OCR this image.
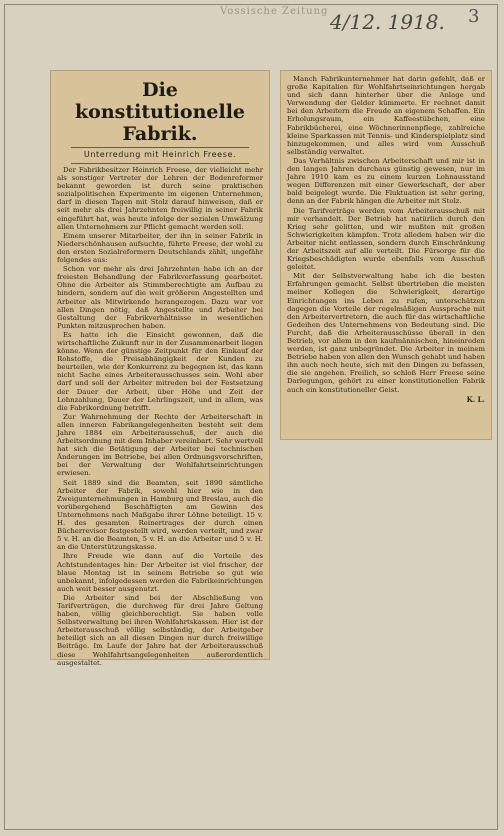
Vossische Zeitung 4/12. 1918. 3
Die konstitutionelle Fabrik.
Unterredung mit Heinrich Freese.

Der Fabrikbesitzer Heinrich Freese, der vielleicht mehr als sonstiger Vertreter der Lehren der Bodenreformer bekannt geworden ist durch seine praktischen sozialpolitischen Experimente im eigenen Unternehmen, darf in diesen Tagen mit Stolz darauf hinweisen, daß er seit mehr als drei Jahrzehnten freiwillig in seiner Fabrik eingeführt hat, was heute infolge der sozialen Umwälzung allen Unternehmern zur Pflicht gemacht werden soll.

Einem unserer Mitarbeiter, der ihn in seiner Fabrik in Niederschönhausen aufsuchte, führte Freese, der wohl zu den ersten Sozialreformern Deutschlands zählt, ungefähr folgendes aus:

Schon vor mehr als drei Jahrzehnten habe ich an der freiesten Behandlung der Fabrikverfassung gearbeitet. Ohne die Arbeiter als Stimmberechtigte am Aufbau zu hindern, sondern auf die weit größeren Angestellten und Arbeiter als Mitwirkende herangezogen. Dazu war vor allen Dingen nötig, daß Angestellte und Arbeiter bei Gestaltung der Fabrikverhältnisse in wesentlichen Punkten mitzusprechen haben.

Es hatte ich die Einsicht gewonnen, daß die wirtschaftliche Zukunft nur in der Zusammenarbeit liegen könne. Wenn der günstige Zeitpunkt für den Einkauf der Rohstoffe, die Preisabhängigkeit der Kunden zu beurteilen, wie der Konkurrenz zu begegnen ist, das kann nicht Sache eines Arbeiterausschusses sein. Wohl aber darf und soll der Arbeiter mitreden bei der Festsetzung der Dauer der Arbeit, über Höhe und Zeit der Lohnzahlung, Dauer der Lehrlingszeit, und in allem, was die Fabrikordnung betrifft.

Zur Wahrnehmung der Rechte der Arbeiterschaft in allen inneren Fabrikangelegenheiten besteht seit dem Jahre 1884 ein Arbeiterausschuß, der auch die Arbeitsordnung mit dem Inhaber vereinbart. Sehr wertvoll hat sich die Betätigung der Arbeiter bei technischen Änderungen im Betriebe, bei allen Ordnungsvorschriften, bei der Verwaltung der Wohlfahrtseinrichtungen erwiesen.

Seit 1889 sind die Beamten, seit 1890 sämtliche Arbeiter der Fabrik, sowohl hier wie in den Zweigunternehmungen in Hamburg und Breslau, auch die vorübergehend Beschäftigten am Gewinn des Unternehmens nach Maßgabe ihrer Löhne beteiligt. 15 v. H. des gesamten Reinertrages der durch einen Bücherrevisor festgestellt wird, werden verteilt, und zwar 5 v. H. an die Beamten, 5 v. H. an die Arbeiter und 5 v. H. an die Unterstützungskasse.

Ihre Freude wie dann auf die Vorteile des Achtstundentages hin: Der Arbeiter ist viel frischer, der blaue Montag ist in seinem Betriebe so gut wie unbekannt, infolgedessen werden die Fabrikeinrichtungen auch weit besser ausgenutzt.

Die Arbeiter sind bei der Abschließung von Tarifverträgen, die durchweg für drei Jahre Geltung haben, völlig gleichberechtigt. Sie haben volle Selbstverwaltung bei ihren Wohlfahrtskassen. Hier ist der Arbeiterausschuß völlig selbständig, der Arbeitgeber beteiligt sich an all diesen Dingen nur durch freiwillige Beiträge. Im Laufe der Jahre hat der Arbeiterausschuß diese Wohlfahrtsangelegenheiten außerordentlich ausgestaltet.

Manch Fabrikunternehmer hat darin gefehlt, daß er große Kapitalien für Wohlfahrtseinrichtungen hergab und sich dann hinterher über die Anlage und Verwendung der Gelder kümmerte. Er rechnet damit bei den Arbeitern die Freude an eigenem Schaffen. Ein Erholungsraum, ein Kaffeestübchen, eine Fabrikbücherei, eine Wöchnerinnenpflege, zahlreiche kleine Sparkassen mit Tennis- und Kinderspielplatz sind hinzugekommen, und alles wird vom Ausschuß selbständig verwaltet.

Das Verhältnis zwischen Arbeiterschaft und mir ist in den langen Jahren durchaus günstig gewesen, nur im Jahre 1910 kam es zu einem kurzen Lohnausstand wegen Differenzen mit einer Gewerkschaft, der aber bald beigelegt wurde. Die Fluktuation ist sehr gering, denn an der Fabrik hängen die Arbeiter mit Stolz.

Die Tarifverträge werden vom Arbeiterausschuß mit mir verhandelt. Der Betrieb hat natürlich durch den Krieg sehr gelitten, und wir mußten mit großen Schwierigkeiten kämpfen. Trotz alledem haben wir die Arbeiter nicht entlassen, sondern durch Einschränkung der Arbeitszeit auf alle verteilt. Die Fürsorge für die Kriegsbeschädigten wurde ebenfalls vom Ausschuß geleitet.

Mit der Selbstverwaltung habe ich die besten Erfahrungen gemacht. Selbst übertrieben die meisten meiner Kollegen die Schwierigkeit, derartige Einrichtungen ins Leben zu rufen, unterschätzen dagegen die Vorteile der regelmäßigen Aussprache mit den Arbeitervertretern, die auch für das wirtschaftliche Gedeihen des Unternehmens von Bedeutung sind. Die Furcht, daß die Arbeiterausschüsse überall in den Betrieb, vor allem in den kaufmännischen, hineinreden werden, ist ganz unbegründet. Die Arbeiter in meinem Betriebe haben von allen den Wunsch gehabt und haben ihn auch noch heute, sich mit den Dingen zu befassen, die sie angehen. Freilich, so schloß Herr Freese seine Darlegungen, gehört zu einer konstitutionellen Fabrik auch ein konstitutioneller Geist.

K. L.
